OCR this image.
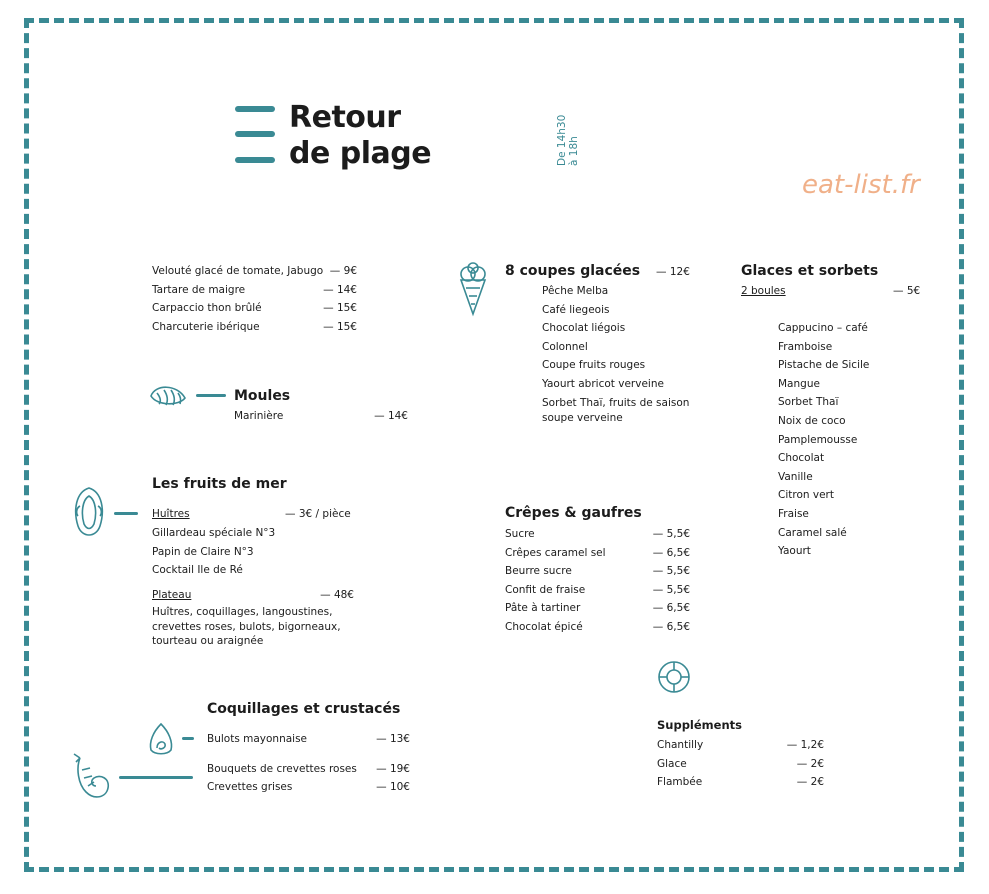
Retour
de plage	De 14h30 à 18h
eat-list.fr
Velouté glacé de tomate, Jabugo — 9€
Tartare de maigre	— 14€
Carpaccio thon brûlé	— 15€
Charcuterie ibérique	— 15€
Moules
Marinière	— 14€
Les fruits de mer
Huîtres	— 3€ / pièce
Gillardeau spéciale N°3
Papin de Claire N°3
Cocktail Ile de Ré
Plateau	— 48€
Huîtres, coquillages, langoustines,
crevettes roses, bulots, bigorneaux,
tourteau ou araignée
Coquillages et crustacés
Bulots mayonnaise	— 13€
Bouquets de crevettes roses — 19€
Crevettes grises	— 10€
8 coupes glacées — 12€
Pêche Melba
Café liegeois
Chocolat liégois
Colonnel
Coupe fruits rouges
Yaourt abricot verveine
Sorbet Thaï, fruits de saison
soupe verveine
Crêpes & gaufres
Sucre	— 5,5€
Crêpes caramel sel	— 6,5€
Beurre sucre	— 5,5€
Confit de fraise	— 5,5€
Pâte à tartiner	— 6,5€
Chocolat épicé	— 6,5€
Suppléments
Chantilly	— 1,2€
Glace	— 2€
Flambée	— 2€
Glaces et sorbets
2 boules	— 5€
Cappucino – café
Framboise
Pistache de Sicile
Mangue
Sorbet Thaï
Noix de coco
Pamplemousse
Chocolat
Vanille
Citron vert
Fraise
Caramel salé
Yaourt
